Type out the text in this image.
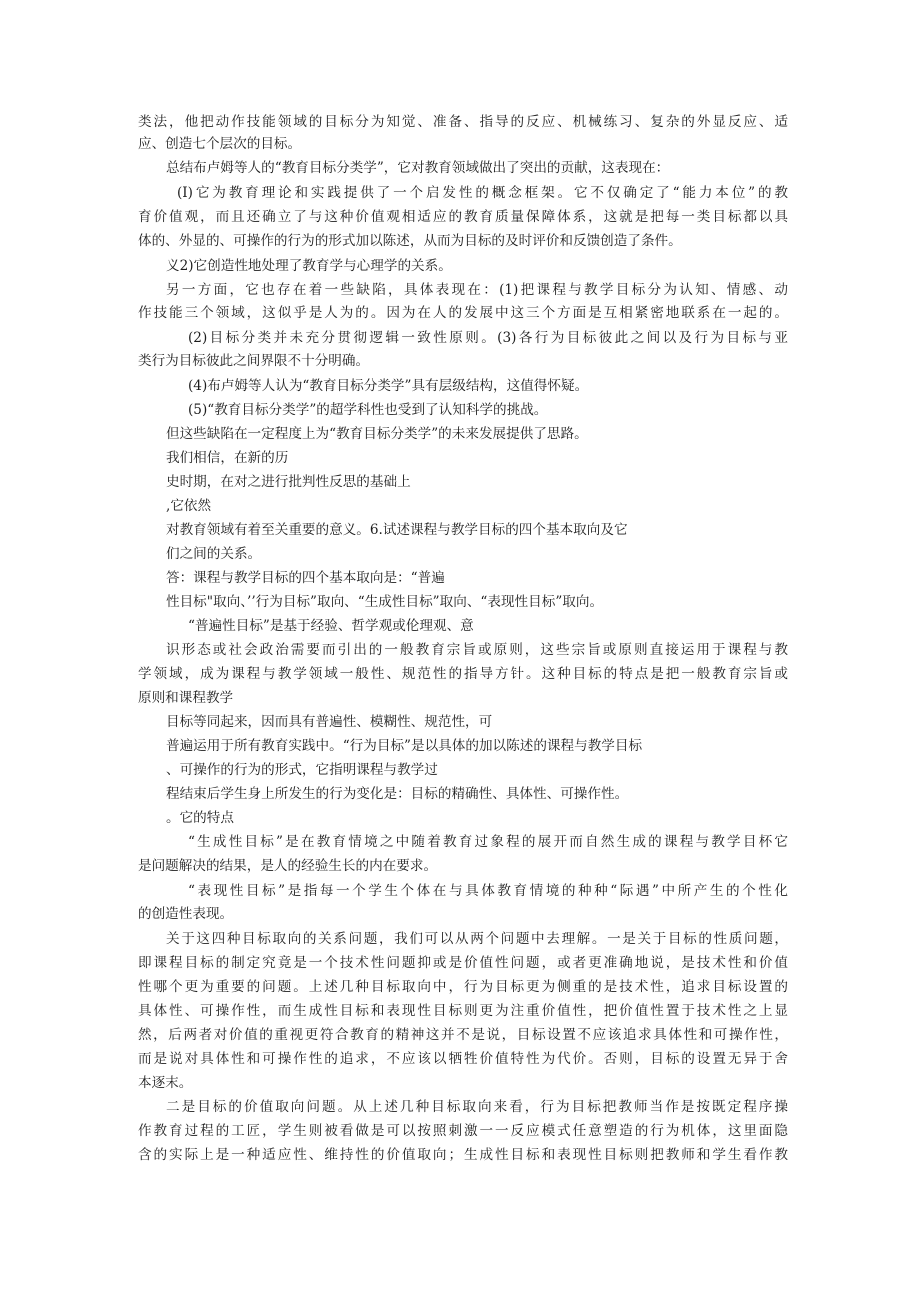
类法，他把动作技能领域的目标分为知觉、准备、指导的反应、机械练习、复杂的外显反应、适
应、创造七个层次的目标。
总结布卢姆等人的“教育目标分类学”，它对教育领域做出了突出的贡献，这表现在：
(I)它为教育理论和实践提供了一个启发性的概念框架。它不仅确定了“能力本位”的教
育价值观，而且还确立了与这种价值观相适应的教育质量保障体系，这就是把每一类目标都以具
体的、外显的、可操作的行为的形式加以陈述，从而为目标的及时评价和反馈创造了条件。
义2)它创造性地处理了教育学与心理学的关系。
另一方面，它也存在着一些缺陷，具体表现在：(1)把课程与教学目标分为认知、情感、动
作技能三个领域，这似乎是人为的。因为在人的发展中这三个方面是互相紧密地联系在一起的。
(2)目标分类并未充分贯彻逻辑一致性原则。(3)各行为目标彼此之间以及行为目标与亚
类行为目标彼此之间界限不十分明确。
(4)布卢姆等人认为“教育目标分类学”具有层级结构，这值得怀疑。
(5)“教育目标分类学”的超学科性也受到了认知科学的挑战。
但这些缺陷在一定程度上为“教育目标分类学”的未来发展提供了思路。
我们相信，在新的历
史时期，在对之进行批判性反思的基础上
,它依然
对教育领域有着至关重要的意义。6.试述课程与教学目标的四个基本取向及它
们之间的关系。
答：课程与教学目标的四个基本取向是：“普遍
性目标"取向、’’行为目标”取向、“生成性目标”取向、“表现性目标”取向。
“普遍性目标”是基于经验、哲学观或伦理观、意
识形态或社会政治需要而引出的一般教育宗旨或原则，这些宗旨或原则直接运用于课程与教
学领域，成为课程与教学领域一般性、规范性的指导方针。这种目标的特点是把一般教育宗旨或
原则和课程教学
目标等同起来，因而具有普遍性、模糊性、规范性，可
普遍运用于所有教育实践中。“行为目标”是以具体的加以陈述的课程与教学目标
、可操作的行为的形式，它指明课程与教学过
程结束后学生身上所发生的行为变化是：目标的精确性、具体性、可操作性。
。它的特点
“生成性目标”是在教育情境之中随着教育过象程的展开而自然生成的课程与教学目杯它
是问题解决的结果，是人的经验生长的内在要求。
“表现性目标”是指每一个学生个体在与具体教育情境的种种“际遇”中所产生的个性化
的创造性表现。
关于这四种目标取向的关系问题，我们可以从两个问题中去理解。一是关于目标的性质问题，
即课程目标的制定究竟是一个技术性问题抑或是价值性问题，或者更准确地说，是技术性和价值
性哪个更为重要的问题。上述几种目标取向中，行为目标更为侧重的是技术性，追求目标设置的
具体性、可操作性，而生成性目标和表现性目标则更为注重价值性，把价值性置于技术性之上显
然，后两者对价值的重视更符合教育的精神这并不是说，目标设置不应该追求具体性和可操作性，
而是说对具体性和可操作性的追求，不应该以牺牲价值特性为代价。否则，目标的设置无异于舍
本逐末。
二是目标的价值取向问题。从上述几种目标取向来看，行为目标把教师当作是按既定程序操
作教育过程的工匠，学生则被看做是可以按照刺激一一反应模式任意塑造的行为机体，这里面隐
含的实际上是一种适应性、维持性的价值取向；生成性目标和表现性目标则把教师和学生看作教
